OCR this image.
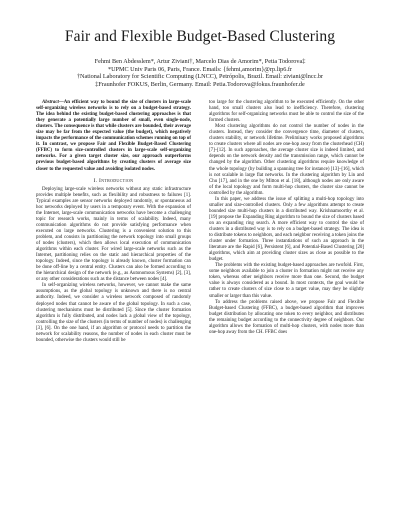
Fair and Flexible Budget-Based Clustering
Fehmi Ben Abdesslem*, Artur Ziviani†, Marcelo Dias de Amorim*, Petia Todorova‡
*UPMC Univ Paris 06, Paris, France. Emails: {fehmi,amorim}@rp.lip6.fr
†National Laboratory for Scientific Computing (LNCC), Petrópolis, Brazil. Email: ziviani@lncc.br
‡Fraunhofer FOKUS, Berlin, Germany. Email: Petia.Todorova@fokus.fraunhofer.de

Abstract—An efficient way to bound the size of clusters in large-scale self-organizing wireless networks is to rely on a budget-based strategy. The idea behind the existing budget-based clustering approaches is that they generate a potentially large number of small, even single-node, clusters. The consequence is that while clusters are bounded, their average size may be far from the expected value (the budget), which negatively impacts the performance of the communication schemes running on top of it. In contrast, we propose Fair and Flexible Budget-Based Clustering (FFBC) to form size-controlled clusters in large-scale self-organizing networks. For a given target cluster size, our approach outperforms previous budget-based algorithms by creating clusters of average size closer to the requested value and avoiding isolated nodes.

I. Introduction

Deploying large-scale wireless networks without any static infrastructure provides multiple benefits, such as flexibility and robustness to failures [1]. Typical examples are sensor networks deployed randomly, or spontaneous ad hoc networks deployed by users in a temporary event. With the expansion of the Internet, large-scale communication networks have become a challenging topic for research works, mainly in terms of scalability. Indeed, many communication algorithms do not provide satisfying performance when executed on large networks. Clustering is a convenient solution to this problem, and consists in partitioning the network topology into small groups of nodes (clusters), which then allows local execution of communication algorithms within each cluster. For wired large-scale networks such as the Internet, partitioning relies on the static and hierarchical properties of the topology. Indeed, since the topology is already known, cluster formation can be done off-line by a central entity. Clusters can also be formed according to the hierarchical design of the network (e.g., as Autonomous Systems) [2], [3], or any other considerations such as the distance between nodes [4].

In self-organizing wireless networks, however, we cannot make the same assumptions, as the global topology is unknown and there is no central authority. Indeed, we consider a wireless network composed of randomly deployed nodes that cannot be aware of the global topology. In such a case, clustering mechanisms must be distributed [5]. Since the cluster formation algorithm is fully distributed, and nodes lack a global view of the topology, controlling the size of the clusters (in terms of number of nodes) is challenging [3], [6]. On the one hand, if an algorithm or protocol needs to partition the network for scalability reasons, the number of nodes in each cluster must be bounded, otherwise the clusters would still be

too large for the clustering algorithm to be executed efficiently. On the other hand, too small clusters also lead to inefficiency. Therefore, clustering algorithms for self-organizing networks must be able to control the size of the formed clusters.

Most clustering algorithms do not control the number of nodes in the clusters. Instead, they consider the convergence time, diameter of clusters, clusters stability, or network lifetime. Preliminary works proposed algorithms to create clusters where all nodes are one-hop away from the clusterhead (CH) [7]–[12]. In such approaches, the average cluster size is indeed limited, and depends on the network density and the transmission range, which cannot be changed by the algorithm. Other clustering algorithms require knowledge of the whole topology (by building a spanning tree for instance) [13]–[16], which is not scalable in large flat networks. In the clustering algorithm by Lin and Chu [17], and in the one by Mitton et al. [18], although nodes are only aware of the local topology and form multi-hop clusters, the cluster size cannot be controlled by the algorithm.

In this paper, we address the issue of splitting a multi-hop topology into smaller and size-controlled clusters. Only a few algorithms attempt to create bounded size multi-hop clusters in a distributed way. Krishnamoorthy et al. [19] propose the Expanding Ring algorithm to bound the size of clusters based on an expanding ring search. A more efficient way to control the size of clusters in a distributed way is to rely on a budget-based strategy. The idea is to distribute tokens to neighbors, and each neighbor receiving a token joins the cluster under formation. Three instantiations of such an approach in the literature are the Rapid [6], Persistent [6], and Potential-Based Clustering [20] algorithms, which aim at providing cluster sizes as close as possible to the budget.

The problems with the existing budget-based approaches are twofold. First, some neighbors available to join a cluster in formation might not receive any token, whereas other neighbors receive more than one. Second, the budget value is always considered as a bound. In most contexts, the goal would be rather to create clusters of size close to a target value, may they be slightly smaller or larger than this value.

To address the problems raised above, we propose Fair and Flexible Budget-based Clustering (FFBC), a budget-based algorithm that improves budget distribution by allocating one token to every neighbor, and distributes the remaining budget according to the connectivity degree of neighbors. Our algorithm allows the formation of multi-hop clusters, with nodes more than one-hop away from the CH. FFBC does
